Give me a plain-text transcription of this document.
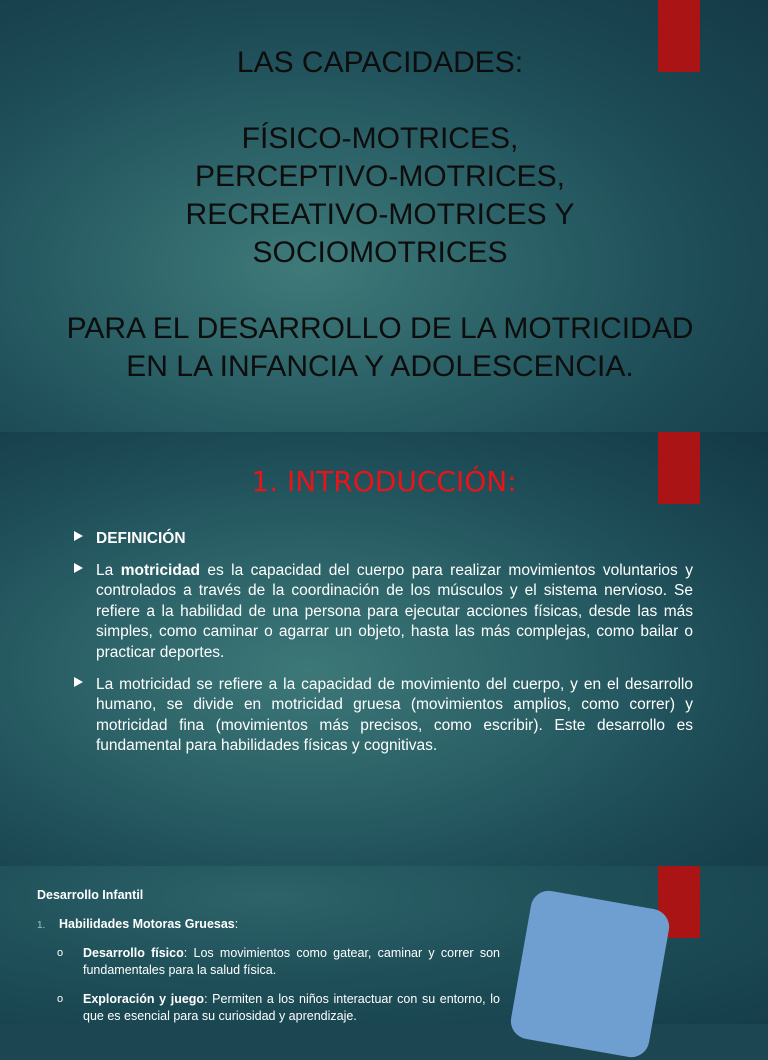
LAS CAPACIDADES:
FÍSICO-MOTRICES,
PERCEPTIVO-MOTRICES,
RECREATIVO-MOTRICES Y
SOCIOMOTRICES
PARA EL DESARROLLO DE LA MOTRICIDAD
EN LA INFANCIA Y ADOLESCENCIA.
1. INTRODUCCIÓN:
DEFINICIÓN
La motricidad es la capacidad del cuerpo para realizar movimientos voluntarios y controlados a través de la coordinación de los músculos y el sistema nervioso. Se refiere a la habilidad de una persona para ejecutar acciones físicas, desde las más simples, como caminar o agarrar un objeto, hasta las más complejas, como bailar o practicar deportes.
La motricidad se refiere a la capacidad de movimiento del cuerpo, y en el desarrollo humano, se divide en motricidad gruesa (movimientos amplios, como correr) y motricidad fina (movimientos más precisos, como escribir). Este desarrollo es fundamental para habilidades físicas y cognitivas.
Desarrollo Infantil
1. Habilidades Motoras Gruesas:
o Desarrollo físico: Los movimientos como gatear, caminar y correr son fundamentales para la salud física.
o Exploración y juego: Permiten a los niños interactuar con su entorno, lo que es esencial para su curiosidad y aprendizaje.
